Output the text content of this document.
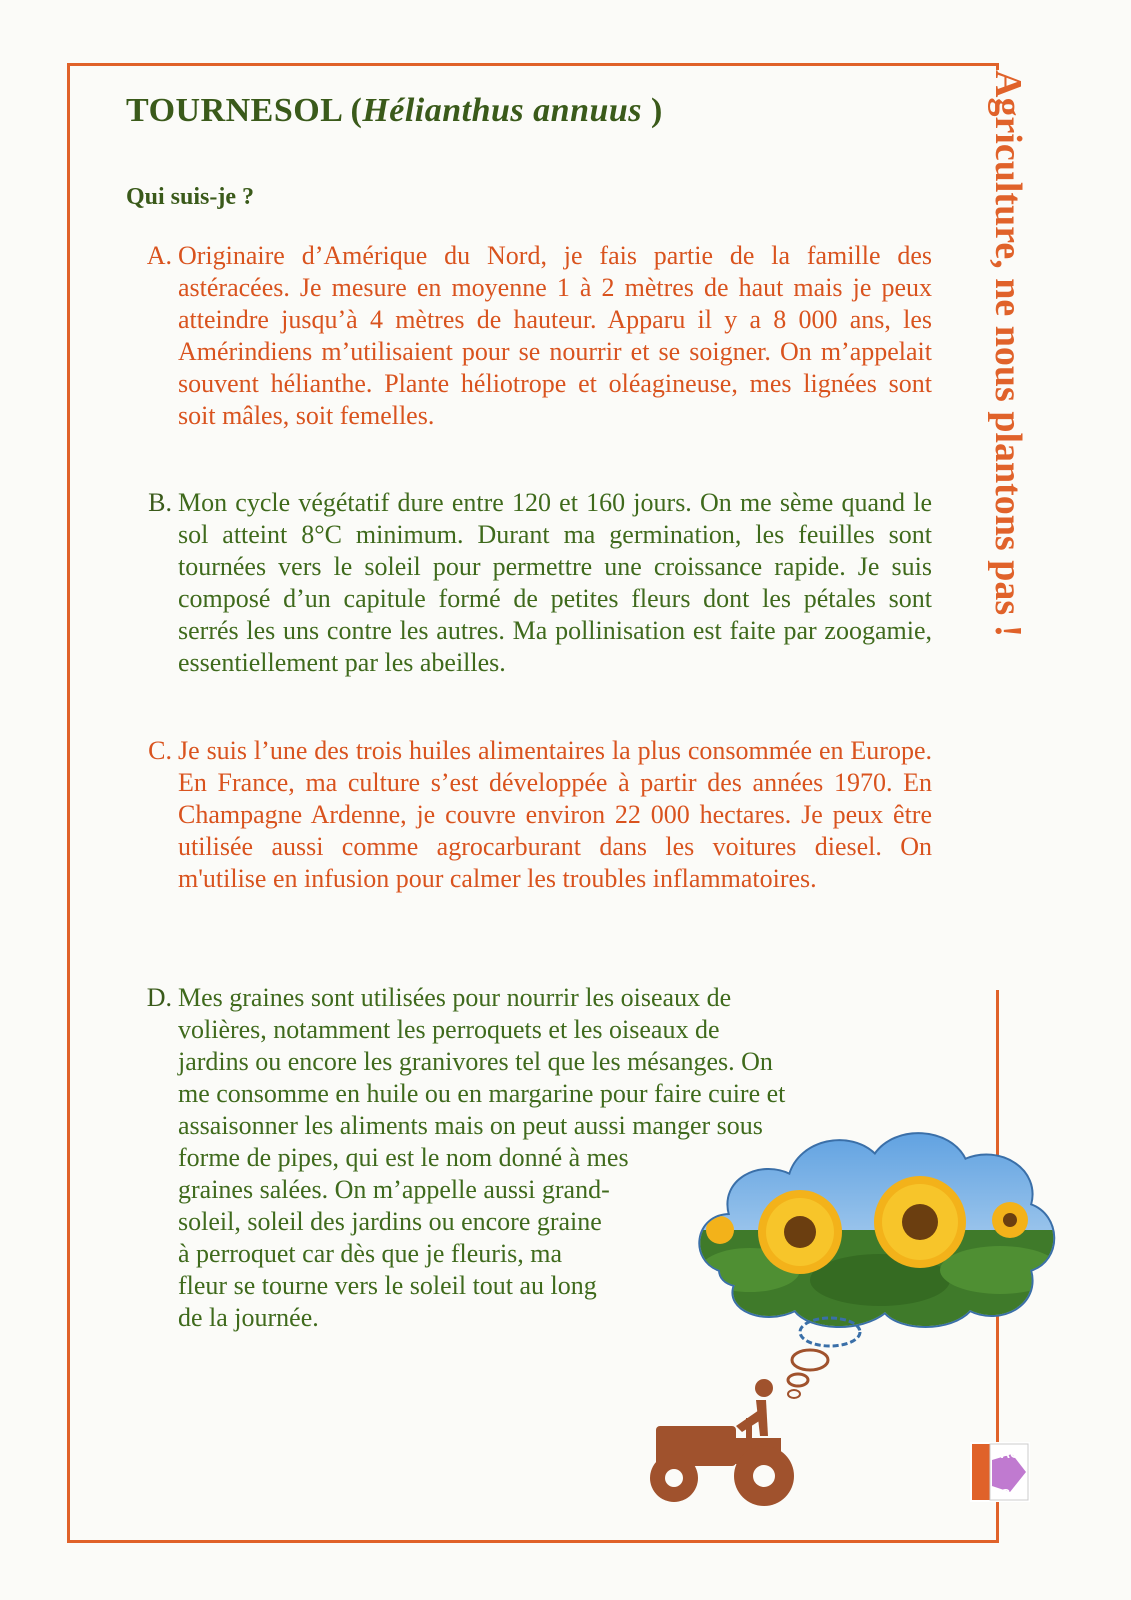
TOURNESOL (Hélianthus annuus )
Qui suis-je ?
A. Originaire d’Amérique du Nord, je fais partie de la famille des astéracées. Je mesure en moyenne 1 à 2 mètres de haut mais je peux atteindre jusqu’à 4 mètres de hauteur. Apparu il y a 8 000 ans, les Amérindiens m’utilisaient pour se nourrir et se soigner. On m’appelait souvent hélianthe. Plante héliotrope et oléagineuse, mes lignées sont soit mâles, soit femelles.
B. Mon cycle végétatif dure entre 120 et 160 jours. On me sème quand le sol atteint 8°C minimum. Durant ma germination, les feuilles sont tournées vers le soleil pour permettre une croissance rapide. Je suis composé d’un capitule formé de petites fleurs dont les pétales sont serrés les uns contre les autres. Ma pollinisation est faite par zoogamie, essentiellement par les abeilles.
C. Je suis l’une des trois huiles alimentaires la plus consommée en Europe. En France, ma culture s’est développée à partir des années 1970. En Champagne Ardenne, je couvre environ 22 000 hectares. Je peux être utilisée aussi comme agrocarburant dans les voitures diesel. On m'utilise en infusion pour calmer les troubles inflammatoires.
D. Mes graines sont utilisées pour nourrir les oiseaux de
volières, notamment les perroquets et les oiseaux de
jardins ou encore les granivores tel que les mésanges. On
me consomme en huile ou en margarine pour faire cuire et
assaisonner les aliments mais on peut aussi manger sous
forme de pipes, qui est le nom donné à mes
graines salées. On m’appelle aussi grand-
soleil, soleil des jardins ou encore graine
à perroquet car dès que je fleuris, ma
fleur se tourne vers le soleil tout au long
de la journée.
Agriculture, ne nous plantons pas !
AC
CA
